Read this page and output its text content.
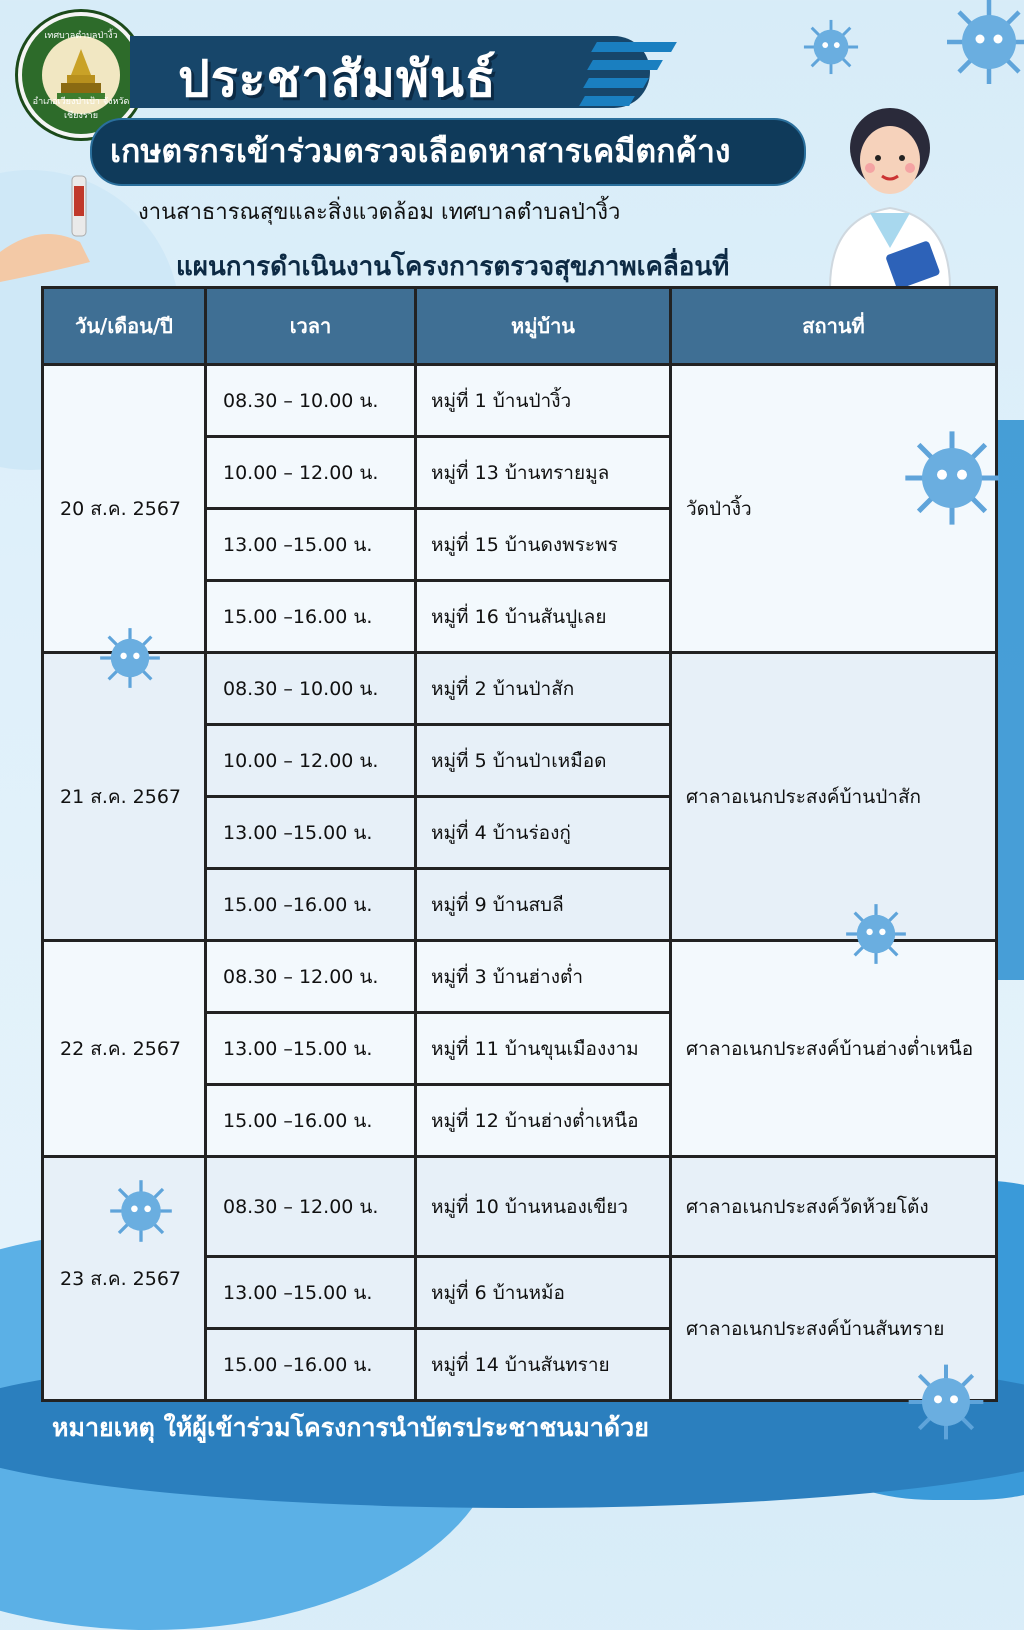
เทศบาลตำบลป่างิ้ว
อำเภอเวียงป่าเป้า จังหวัดเชียงราย
ประชาสัมพันธ์
เกษตรกรเข้าร่วมตรวจเลือดหาสารเคมีตกค้าง
งานสาธารณสุขและสิ่งแวดล้อม เทศบาลตำบลป่างิ้ว
แผนการดำเนินงานโครงการตรวจสุขภาพเคลื่อนที่
วัน/เดือน/ปี	เวลา	หมู่บ้าน	สถานที่
20 ส.ค. 2567	08.30 – 10.00 น.	หมู่ที่ 1 บ้านป่างิ้ว	วัดป่างิ้ว
	10.00 – 12.00 น.	หมู่ที่ 13 บ้านทรายมูล	
	13.00 –15.00 น.	หมู่ที่ 15 บ้านดงพระพร	
	15.00 –16.00 น.	หมู่ที่ 16 บ้านสันปูเลย	
21 ส.ค. 2567	08.30 – 10.00 น.	หมู่ที่ 2 บ้านป่าสัก	ศาลาอเนกประสงค์บ้านป่าสัก
	10.00 – 12.00 น.	หมู่ที่ 5 บ้านป่าเหมือด	
	13.00 –15.00 น.	หมู่ที่ 4 บ้านร่องกู่	
	15.00 –16.00 น.	หมู่ที่ 9 บ้านสบลี	
22 ส.ค. 2567	08.30 – 12.00 น.	หมู่ที่ 3 บ้านฮ่างต่ำ	ศาลาอเนกประสงค์บ้านฮ่างต่ำเหนือ
	13.00 –15.00 น.	หมู่ที่ 11 บ้านขุนเมืองงาม	
	15.00 –16.00 น.	หมู่ที่ 12 บ้านฮ่างต่ำเหนือ	
23 ส.ค. 2567	08.30 – 12.00 น.	หมู่ที่ 10 บ้านหนองเขียว	ศาลาอเนกประสงค์วัดห้วยโต้ง
	13.00 –15.00 น.	หมู่ที่ 6 บ้านหม้อ	ศาลาอเนกประสงค์บ้านสันทราย
	15.00 –16.00 น.	หมู่ที่ 14 บ้านสันทราย	
หมายเหตุ ให้ผู้เข้าร่วมโครงการนำบัตรประชาชนมาด้วย
